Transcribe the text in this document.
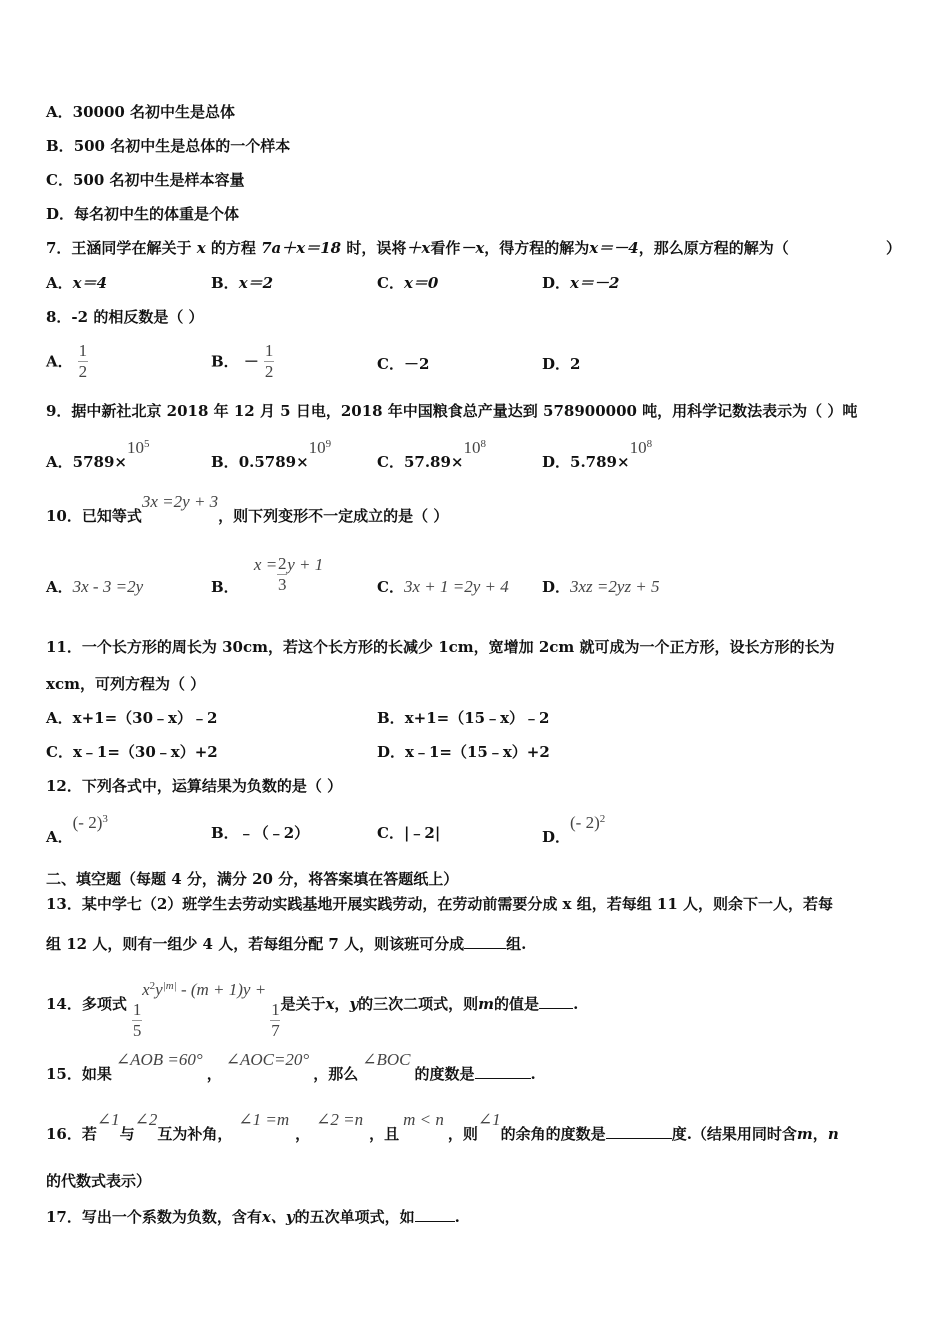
A．30000 名初中生是总体
B．500 名初中生是总体的一个样本
C．500 名初中生是样本容量
D．每名初中生的体重是个体
7．王涵同学在解关于 x 的方程 7a＋x＝18 时，误将＋x看作－x，得方程的解为x＝－4，那么原方程的解为（	）
A．x＝4	B．x＝2	C．x＝0	D．x＝－2
8．-2 的相反数是（ ）
A． $\frac{1}{2}$	B． － $\frac{1}{2}$	C．－2	D．2
9．据中新社北京 2018 年 12 月 5 日电，2018 年中国粮食总产量达到 578900000 吨，用科学记数法表示为（ ）吨
A．$5789\times 10^5$
B．$0.5789\times 10^9$
C．$57.89\times 10^8$
D．$5.789\times 10^8$
10．已知等式3x =2y + 3，则下列变形不一定成立的是（ ）
A．3x - 3 =2y	B． $x = \frac{2}{3}$ y + 1
C．3x + 1 =2y + 4 D．3xz =2yz + 5
11．一个长方形的周长为 30cm，若这个长方形的长减少 1cm，宽增加 2cm 就可成为一个正方形，设长方形的长为
xcm，可列方程为（ ）
A．x+1=（30﹣x）﹣2	B．x+1=（15﹣x）﹣2
C．x﹣1=（30﹣x）+2	D．x﹣1=（15﹣x）+2
12．下列各式中，运算结果为负数的是（ ）
A．(- 2)$^3$
B．﹣（﹣2）	C．|﹣2|	D．(- 2)$^2$
二、填空题（每题 4 分，满分 20 分，将答案填在答题纸上）
13．某中学七（2）班学生去劳动实践基地开展实践劳动，在劳动前需要分成 x 组，若每组 11 人，则余下一人，若每
组 12 人，则有一组少 4 人，若每组分配 7 人，则该班可分成	组.
14．多项式 $\frac{1}{5}$
$x^2y^{|m|} - (m + 1)y$ +
$\frac{1}{7}$ 是关于x，y的三次二项式，则m的值是 .
15．如果∠AOB =60°，∠AOC=20°，那么∠BOC的度数是	.
16．若∠1与∠2互为补角，∠1 =m，∠2 =n，且m < n，则∠1的余角的度数是	度.（结果用同时含m，n
的代数式表示）
17．写出一个系数为负数，含有x、y的五次单项式，如	.
